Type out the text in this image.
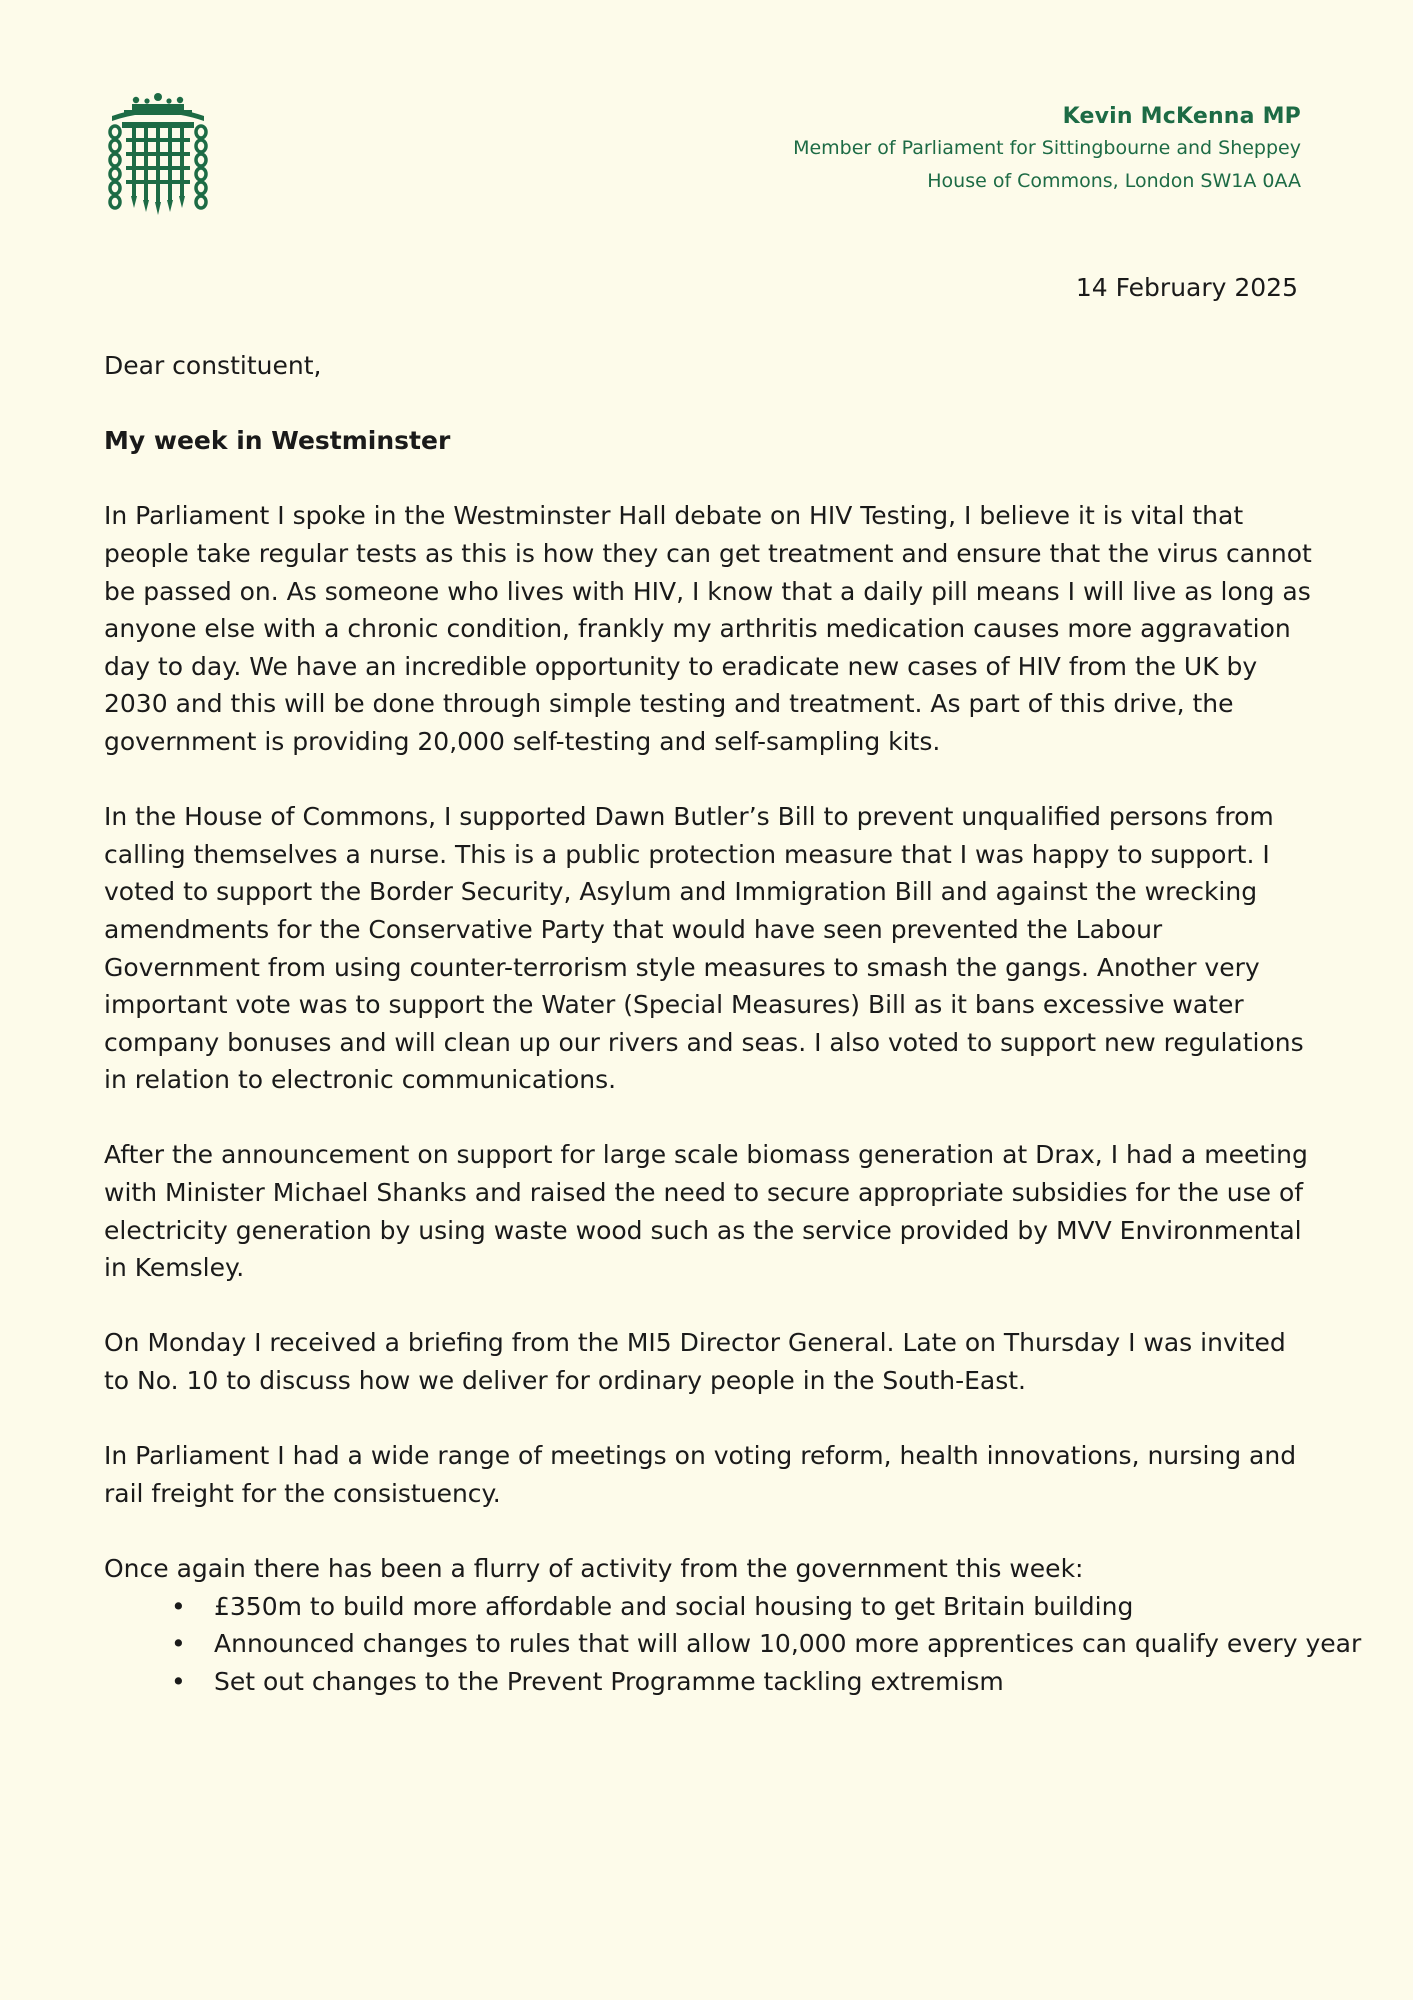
Kevin McKenna MP
Member of Parliament for Sittingbourne and Sheppey
House of Commons, London SW1A 0AA
14 February 2025

Dear constituent,

My week in Westminster

In Parliament I spoke in the Westminster Hall debate on HIV Testing, I believe it is vital that people take regular tests as this is how they can get treatment and ensure that the virus cannot be passed on. As someone who lives with HIV, I know that a daily pill means I will live as long as anyone else with a chronic condition, frankly my arthritis medication causes more aggravation day to day. We have an incredible opportunity to eradicate new cases of HIV from the UK by 2030 and this will be done through simple testing and treatment. As part of this drive, the government is providing 20,000 self-testing and self-sampling kits.

In the House of Commons, I supported Dawn Butler’s Bill to prevent unqualified persons from calling themselves a nurse. This is a public protection measure that I was happy to support. I voted to support the Border Security, Asylum and Immigration Bill and against the wrecking amendments for the Conservative Party that would have seen prevented the Labour Government from using counter-terrorism style measures to smash the gangs. Another very important vote was to support the Water (Special Measures) Bill as it bans excessive water company bonuses and will clean up our rivers and seas. I also voted to support new regulations in relation to electronic communications.

After the announcement on support for large scale biomass generation at Drax, I had a meeting with Minister Michael Shanks and raised the need to secure appropriate subsidies for the use of electricity generation by using waste wood such as the service provided by MVV Environmental in Kemsley.

On Monday I received a briefing from the MI5 Director General. Late on Thursday I was invited to No. 10 to discuss how we deliver for ordinary people in the South-East.

In Parliament I had a wide range of meetings on voting reform, health innovations, nursing and rail freight for the consistuency.

Once again there has been a flurry of activity from the government this week:

• £350m to build more affordable and social housing to get Britain building
• Announced changes to rules that will allow 10,000 more apprentices can qualify every year
• Set out changes to the Prevent Programme tackling extremism
